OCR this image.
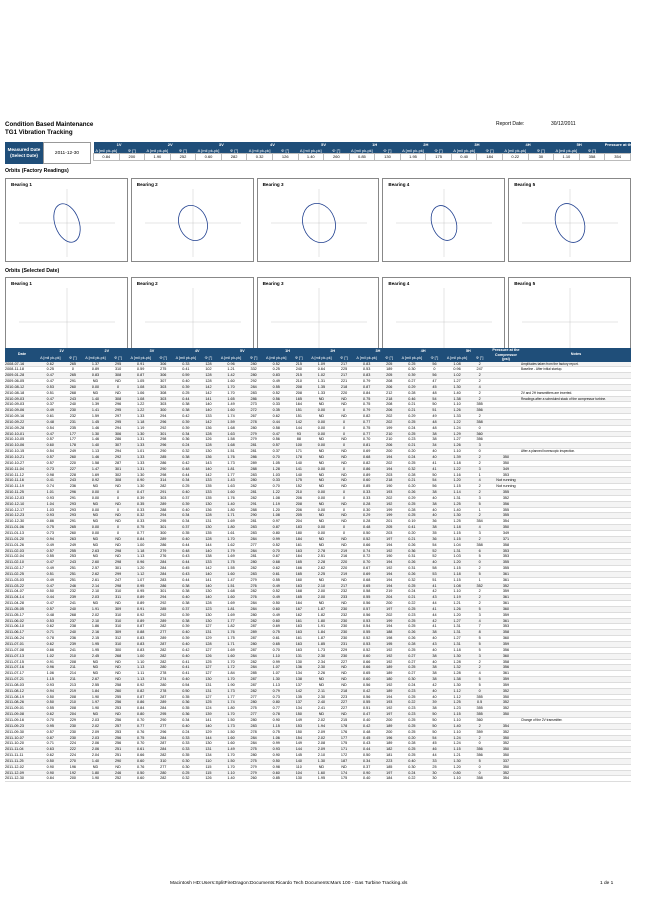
Condition Based Maintenance
TG1 Vibration Tracking
Report Date:	30/12/2011
Measured Date (Select Date)	2011-12-30
1V		2V		3V		4V		5V		1H		2H		3H		4H		5H		Pressure at the Compressor (psi)
A [mil pk-pk]	Φ [°]	A [mil pk-pk]	Φ [°]	A [mil pk-pk]	Φ [°]	A [mil pk-pk]	Φ [°]	A [mil pk-pk]	Φ [°]	A [mil pk-pk]	Φ [°]	A [mil pk-pk]	Φ [°]	A [mil pk-pk]	Φ [°]	A [mil pk-pk]	Φ [°]	A [mil pk-pk]	Φ [°]	
0.84	200	1.90	252	0.60	282	0.32	126	1.40	260	0.85	130	1.95	175	0.40	184	0.22	30	1.10	358	354
Orbits (Factory Readings)
Bearing 1	Bearing 2	Bearing 3	Bearing 4	Bearing 5
Orbits (Selected Date)
Bearing 1	Bearing 2	Bearing 3	Bearing 4	Bearing 5
Date	1V		2V		3V		4V		5V		1H		2H		3H		4H		5H		Pressure at the Compressor (psi)	Notes
	A [mil pk-pk]	Φ [°]	A [mil pk-pk]	Φ [°]	A [mil pk-pk]	Φ [°]	A [mil pk-pk]	Φ [°]	A [mil pk-pk]	Φ [°]	A [mil pk-pk]	Φ [°]	A [mil pk-pk]	Φ [°]	A [mil pk-pk]	Φ [°]	A [mil pk-pk]	Φ [°]	A [mil pk-pk]	Φ [°]		
2008-07-16	0.62	265	1.37	295	0.91	306	0.33	128	0.96	280	0.52	215	1.09	217	0.83	205	0.25	56	1.08	2		Amplitudes taken from the factory report.
2008-11-18	0.25	0	0.89	310	0.59	275	0.41	102	1.21	332	0.25	240	0.64	225	0.53	189	0.30	0	0.96	247		Baseline - After initial startup.
2009-01-28	0.47	265	0.83	308	0.87	306	0.59	128	1.42	280	0.83	215	1.02	217	0.83	205	0.39	56	1.02	2		
2009-06-05	0.47	291	ND	ND	1.05	307	0.40	128	1.60	292	0.49	210	1.31	221	0.79	208	0.27	47	1.27	2		
2010-08-12	0.53	260	0.00	0	1.08	303	0.39	142	1.70	284	0.55	208	1.35	218	0.87	206	0.29	45	1.30	4		
2010-08-18	0.51	268	ND	ND	1.06	308	0.25	142	1.70	283	0.52	208	1.33	220	0.84	212	0.28	48	1.40	2		2V and 2H transmitters are inverted.
2010-09-03	0.47	243	1.40	308	1.08	303	0.44	141	1.65	286	0.56	165	ND	ND	0.75	218	0.46	54	1.38	2		Readings after a scheduled stack of the compressor turbine.
2010-09-03	0.37	240	1.39	296	1.22	303	0.38	140	1.49	273	0.33	164	ND	ND	0.75	208	0.21	50	1.10	355		
2010-09-06	0.49	230	1.41	295	1.22	300	0.38	140	1.60	272	0.35	151	0.00	0	0.79	206	0.21	51	1.26	356		
2010-09-16	0.61	232	1.59	297	1.33	294	0.42	133	1.74	267	0.62	151	ND	ND	0.82	202	0.29	49	1.33	2		
2010-09-22	0.48	231	1.45	295	1.18	296	0.39	142	1.59	278	0.44	142	0.00	0	0.77	202	0.25	48	1.22	358		
2010-09-28	0.54	235	1.46	294	1.19	292	0.39	136	1.68	280	0.58	144	0.00	0	0.75	199	0.24	48	1.24	0		
2010-10-01	0.47	177	1.30	306	1.30	301	0.34	128	1.63	279	0.47	93	0.00	0	0.77	210	0.25	38	1.29	360		
2010-10-05	0.57	177	1.46	286	1.31	298	0.36	126	1.58	279	0.56	88	ND	ND	0.70	210	0.23	38	1.27	356		
2010-10-06	0.60	178	1.40	307	1.33	296	0.24	128	1.68	281	0.57	100	0.00	0	0.81	206	0.21	34	1.26	3		
2010-10-15	0.54	249	1.13	294	1.01	290	0.32	130	1.51	281	0.37	171	ND	ND	0.69	200	0.20	40	1.10	0		After a planned borescopic inspection.
2010-10-21	0.57	260	1.46	292	1.33	285	0.38	136	1.76	286	0.70	178	ND	ND	0.68	194	0.24	40	1.39	2	350	
2010-10-27	0.57	220	1.58	287	1.33	286	0.42	143	1.73	289	1.05	140	ND	ND	0.82	202	0.25	41	1.18	2	350	
2010-11-04	0.73	227	1.47	301	1.31	290	0.48	140	1.81	288	1.28	141	0.00	0	0.86	194	0.32	41	1.22	3	349	
2010-11-12	0.98	228	1.69	302	1.30	298	0.44	142	1.77	283	1.03	140	ND	ND	0.89	203	0.28	50	1.16	1	353	
2010-11-16	0.41	243	0.92	308	0.90	314	0.34	133	1.43	280	0.33	175	ND	ND	0.60	218	0.21	54	1.20	4	Not running	
2010-11-19	0.74	236	ND	ND	1.30	282	0.25	135	1.63	282	0.70	152	ND	ND	0.85	190	0.20	56	1.15	2	Not running	
2010-11-25	1.01	296	0.00	0	0.47	291	0.40	133	1.60	281	1.22	210	0.00	0	0.33	193	0.26	38	1.14	2	355	
2010-12-03	0.93	291	0.00	0	0.39	303	0.37	135	1.76	282	1.08	206	0.00	0	0.33	202	0.29	40	1.31	3	352	
2010-12-10	1.04	293	ND	ND	0.35	289	0.39	130	1.40	291	1.19	208	ND	ND	0.28	192	0.25	38	1.25	5	356	
2010-12-17	1.03	293	0.00	0	0.33	288	0.40	136	1.80	288	1.20	206	0.00	0	0.30	199	0.28	40	1.40	1	355	
2010-12-23	0.93	293	ND	ND	0.32	294	0.34	128	1.71	290	1.08	205	ND	ND	0.29	199	0.25	40	1.30	2	355	
2010-12-30	0.86	291	ND	ND	0.33	295	0.34	131	1.69	281	0.97	204	ND	ND	0.28	201	0.19	36	1.25	354	354	
2011-01-06	0.75	265	0.00	0	0.75	301	0.37	130	1.80	283	0.87	183	0.00	0	0.48	205	0.41	38	1.18	4	350	
2011-01-13	0.73	260	0.00	0	0.77	300	0.35	135	1.61	283	0.80	180	0.00	0	0.50	203	0.20	35	1.15	3	349	
2011-01-20	0.94	263	ND	ND	0.84	289	0.40	128	1.70	284	0.99	184	ND	ND	0.52	197	0.21	36	1.15	2	371	
2011-01-26	0.49	249	ND	ND	1.00	286	0.44	144	1.62	277	0.52	161	ND	ND	0.66	194	0.26	54	1.04	358	358	
2011-02-03	0.57	255	2.63	298	1.18	279	0.48	140	1.79	284	0.70	163	2.78	219	0.74	192	0.36	52	1.31	6	353	
2011-02-04	0.55	253	ND	ND	1.13	276	0.43	138	1.69	281	0.67	164	2.51	216	0.72	190	0.31	52	1.03	5	353	
2011-02-10	0.47	243	2.60	298	0.96	284	0.44	133	1.75	280	0.68	165	2.28	220	0.70	194	0.26	40	1.20	0	355	
2011-02-17	0.49	251	2.57	301	1.20	284	0.45	142	1.55	282	0.62	166	2.62	220	0.67	192	0.31	58	1.15	2	355	
2011-02-25	0.51	251	2.62	299	1.12	284	0.43	140	1.60	283	0.61	165	2.25	219	0.69	194	0.26	53	1.18	5	361	
2011-03-03	0.49	251	2.61	247	1.07	283	0.44	141	1.47	279	0.55	160	ND	ND	0.68	194	0.32	51	1.15	1	361	
2011-03-22	0.47	246	2.14	298	0.95	286	0.38	140	1.51	276	0.49	163	2.10	217	0.65	194	0.25	41	1.08	352	352	
2011-04-07	0.50	232	2.10	310	0.95	301	0.38	130	1.68	282	0.52	168	2.00	232	0.58	219	0.24	42	1.10	2	359	
2011-04-14	0.44	239	2.03	311	0.89	294	0.40	140	1.60	276	0.49	165	2.00	233	0.55	204	0.21	43	1.19	2	361	
2011-04-28	0.47	241	ND	ND	0.89	292	0.38	128	1.69	284	0.50	164	ND	ND	0.56	200	0.22	44	1.21	2	361	
2011-05-05	0.57	240	1.91	309	0.91	285	0.37	123	1.81	284	0.60	167	1.87	230	0.57	197	0.25	41	1.26	5	360	
2011-05-17	0.48	268	2.02	310	0.92	292	0.39	130	1.69	280	0.49	162	1.82	232	0.56	202	0.23	44	1.20	3	359	
2011-06-02	0.53	237	2.10	310	0.89	289	0.38	130	1.77	282	0.60	161	1.80	230	0.53	199	0.25	42	1.27	4	361	
2011-06-10	0.62	238	1.86	310	0.87	282	0.39	127	1.82	287	0.69	163	1.91	230	0.54	194	0.25	41	1.31	7	353	
2011-06-17	0.71	240	2.16	309	0.88	277	0.40	131	1.76	289	0.75	163	1.84	230	0.55	188	0.26	38	1.31	8	358	
2011-06-24	0.78	236	2.15	312	0.83	289	0.39	129	1.75	287	0.61	161	1.87	230	0.52	198	0.26	40	1.27	5	360	
2011-07-01	0.62	239	1.95	310	0.83	287	0.40	128	1.71	280	0.65	163	1.85	231	0.53	195	0.28	43	1.31	5	359	
2011-07-08	0.66	241	1.95	300	0.83	282	0.42	127	1.69	287	0.70	163	1.73	229	0.52	192	0.25	40	1.18	5	356	
2011-07-13	1.02	210	2.45	268	1.00	282	0.40	126	1.60	284	1.10	131	2.30	230	0.60	192	0.27	38	1.30	3	360	
2011-07-15	0.91	208	ND	ND	1.10	282	0.41	125	1.70	282	0.99	130	2.34	227	0.66	192	0.27	40	1.28	2	358	
2011-07-16	0.96	211	ND	ND	1.13	280	0.41	127	1.72	284	1.07	136	2.30	ND	0.66	189	0.25	38	1.32	2	356	
2011-07-17	1.06	214	ND	ND	1.11	278	0.41	127	1.84	285	1.07	134	2.26	ND	0.65	189	0.27	38	1.28	4	361	
2011-07-21	1.15	211	2.67	ND	1.13	274	0.40	130	1.70	287	1.30	138	ND	ND	0.60	180	0.30	38	1.38	5	359	
2011-08-03	0.93	213	2.55	258	0.92	280	0.54	131	1.90	287	1.13	137	ND	ND	0.56	192	0.24	42	1.30	5	359	
2011-08-12	0.94	219	1.84	260	0.82	278	0.50	131	1.73	282	0.79	142	2.11	218	0.42	189	0.23	40	1.12	0	352	
2011-08-19	0.50	208	1.90	255	0.87	287	0.35	127	1.77	277	0.73	135	2.30	223	0.56	194	0.25	40	1.12	355	350	
2011-08-26	0.50	210	1.97	256	0.86	289	0.36	125	1.74	280	0.80	137	2.40	227	0.55	193	0.22	39	1.25	0.5	352	
2011-09-01	0.55	208	1.90	253	0.84	284	0.35	124	1.80	275	0.77	134	2.41	227	0.51	192	0.23	38	1.23	355	352	
2011-09-08	0.62	204	ND	ND	0.80	295	0.36	139	1.70	277	0.78	150	ND	ND	0.47	197	0.23	50	1.15	355	350	
2011-09-16	0.70	229	2.03	256	0.70	290	0.34	141	1.50	280	0.90	149	2.02	215	0.40	200	0.25	50	1.10	360		Change of the 2V transmitter.
2011-09-23	0.95	230	2.02	257	0.77	277	0.40	140	1.73	283	1.15	153	1.94	178	0.42	189	0.25	50	1.40	2	354	
2011-09-30	0.57	230	2.09	253	0.76	296	0.24	129	1.50	278	0.75	150	2.09	176	0.48	200	0.25	50	1.10	359	352	
2011-10-07	0.87	230	2.03	256	0.75	284	0.33	144	1.60	284	1.06	154	2.02	177	0.45	196	0.20	54	1.24	2	350	
2011-10-20	0.71	224	2.06	256	0.70	287	0.33	130	1.60	284	0.99	149	2.08	175	0.43	189	0.28	45	1.24	0	352	
2011-11-04	0.63	222	2.06	251	0.61	284	0.33	131	1.49	275	0.93	144	2.09	171	0.44	182	0.25	46	1.15	356	350	
2011-11-11	0.62	224	2.04	251	0.66	282	0.35	134	1.70	280	0.90	145	2.10	172	0.50	181	0.25	44	1.21	356	350	
2011-11-25	0.50	270	1.40	290	0.60	310	0.30	110	1.50	275	0.50	140	1.30	187	0.34	223	0.40	33	1.30	5	337	
2011-12-02	0.90	196	ND	ND	0.76	277	0.30	115	1.70	279	0.98	110	ND	ND	0.37	185	0.30	25	1.20	0	350	
2011-12-09	0.90	192	1.80	246	0.50	280	0.25	115	1.10	279	0.60	104	1.60	174	0.90	197	0.24	30	0.80	0	352	
2011-12-30	0.84	200	1.90	252	0.60	282	0.32	126	1.40	260	0.85	130	1.95	175	0.40	184	0.22	30	1.10	358	354	
Macintosh HD:Users:SplitFireDragon:Documents:Ricardo Tech Documents:Mars 100 - Gas Turbine Tracking.xls	1 de 1
